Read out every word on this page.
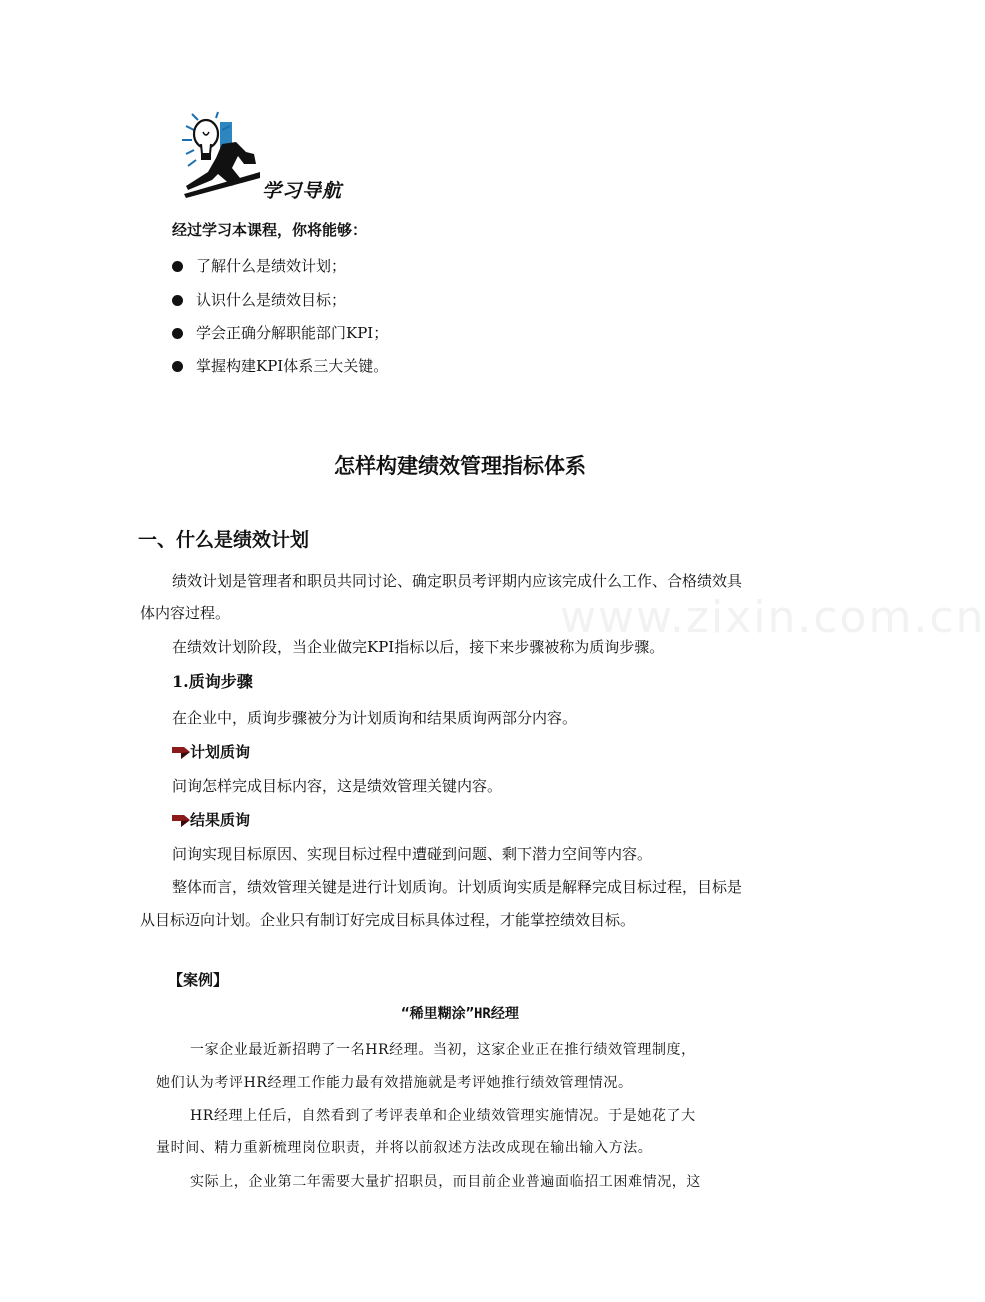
学习导航
经过学习本课程，你将能够：
了解什么是绩效计划；
认识什么是绩效目标；
学会正确分解职能部门KPI；
掌握构建KPI体系三大关键。
www.zixin.com.cn
怎样构建绩效管理指标体系
一、什么是绩效计划
绩效计划是管理者和职员共同讨论、确定职员考评期内应该完成什么工作、合格绩效具
体内容过程。
在绩效计划阶段，当企业做完KPI指标以后，接下来步骤被称为质询步骤。
1.质询步骤
在企业中，质询步骤被分为计划质询和结果质询两部分内容。
计划质询
问询怎样完成目标内容，这是绩效管理关键内容。
结果质询
问询实现目标原因、实现目标过程中遭碰到问题、剩下潜力空间等内容。
整体而言，绩效管理关键是进行计划质询。计划质询实质是解释完成目标过程，目标是
从目标迈向计划。企业只有制订好完成目标具体过程，才能掌控绩效目标。
【案例】
“稀里糊涂”HR经理
一家企业最近新招聘了一名HR经理。当初，这家企业正在推行绩效管理制度，
她们认为考评HR经理工作能力最有效措施就是考评她推行绩效管理情况。
HR经理上任后，自然看到了考评表单和企业绩效管理实施情况。于是她花了大
量时间、精力重新梳理岗位职责，并将以前叙述方法改成现在输出输入方法。
实际上，企业第二年需要大量扩招职员，而目前企业普遍面临招工困难情况，这
